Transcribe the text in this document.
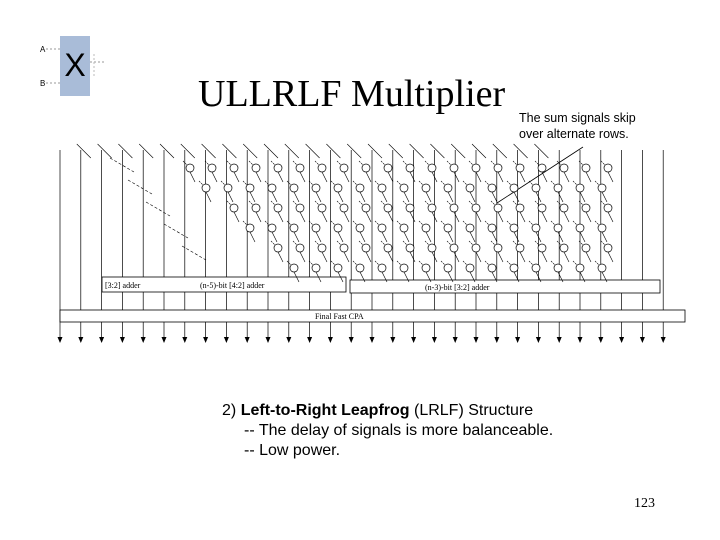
A
B
X
ULLRLF Multiplier
The sum signals skip
over alternate rows.
[3:2] adder	(n-5)-bit [4:2] adder	(n-3)-bit [3:2] adder
Final Fast CPA
2) Left-to-Right Leapfrog (LRLF) Structure
-- The delay of signals is more balanceable.
-- Low power.
123
